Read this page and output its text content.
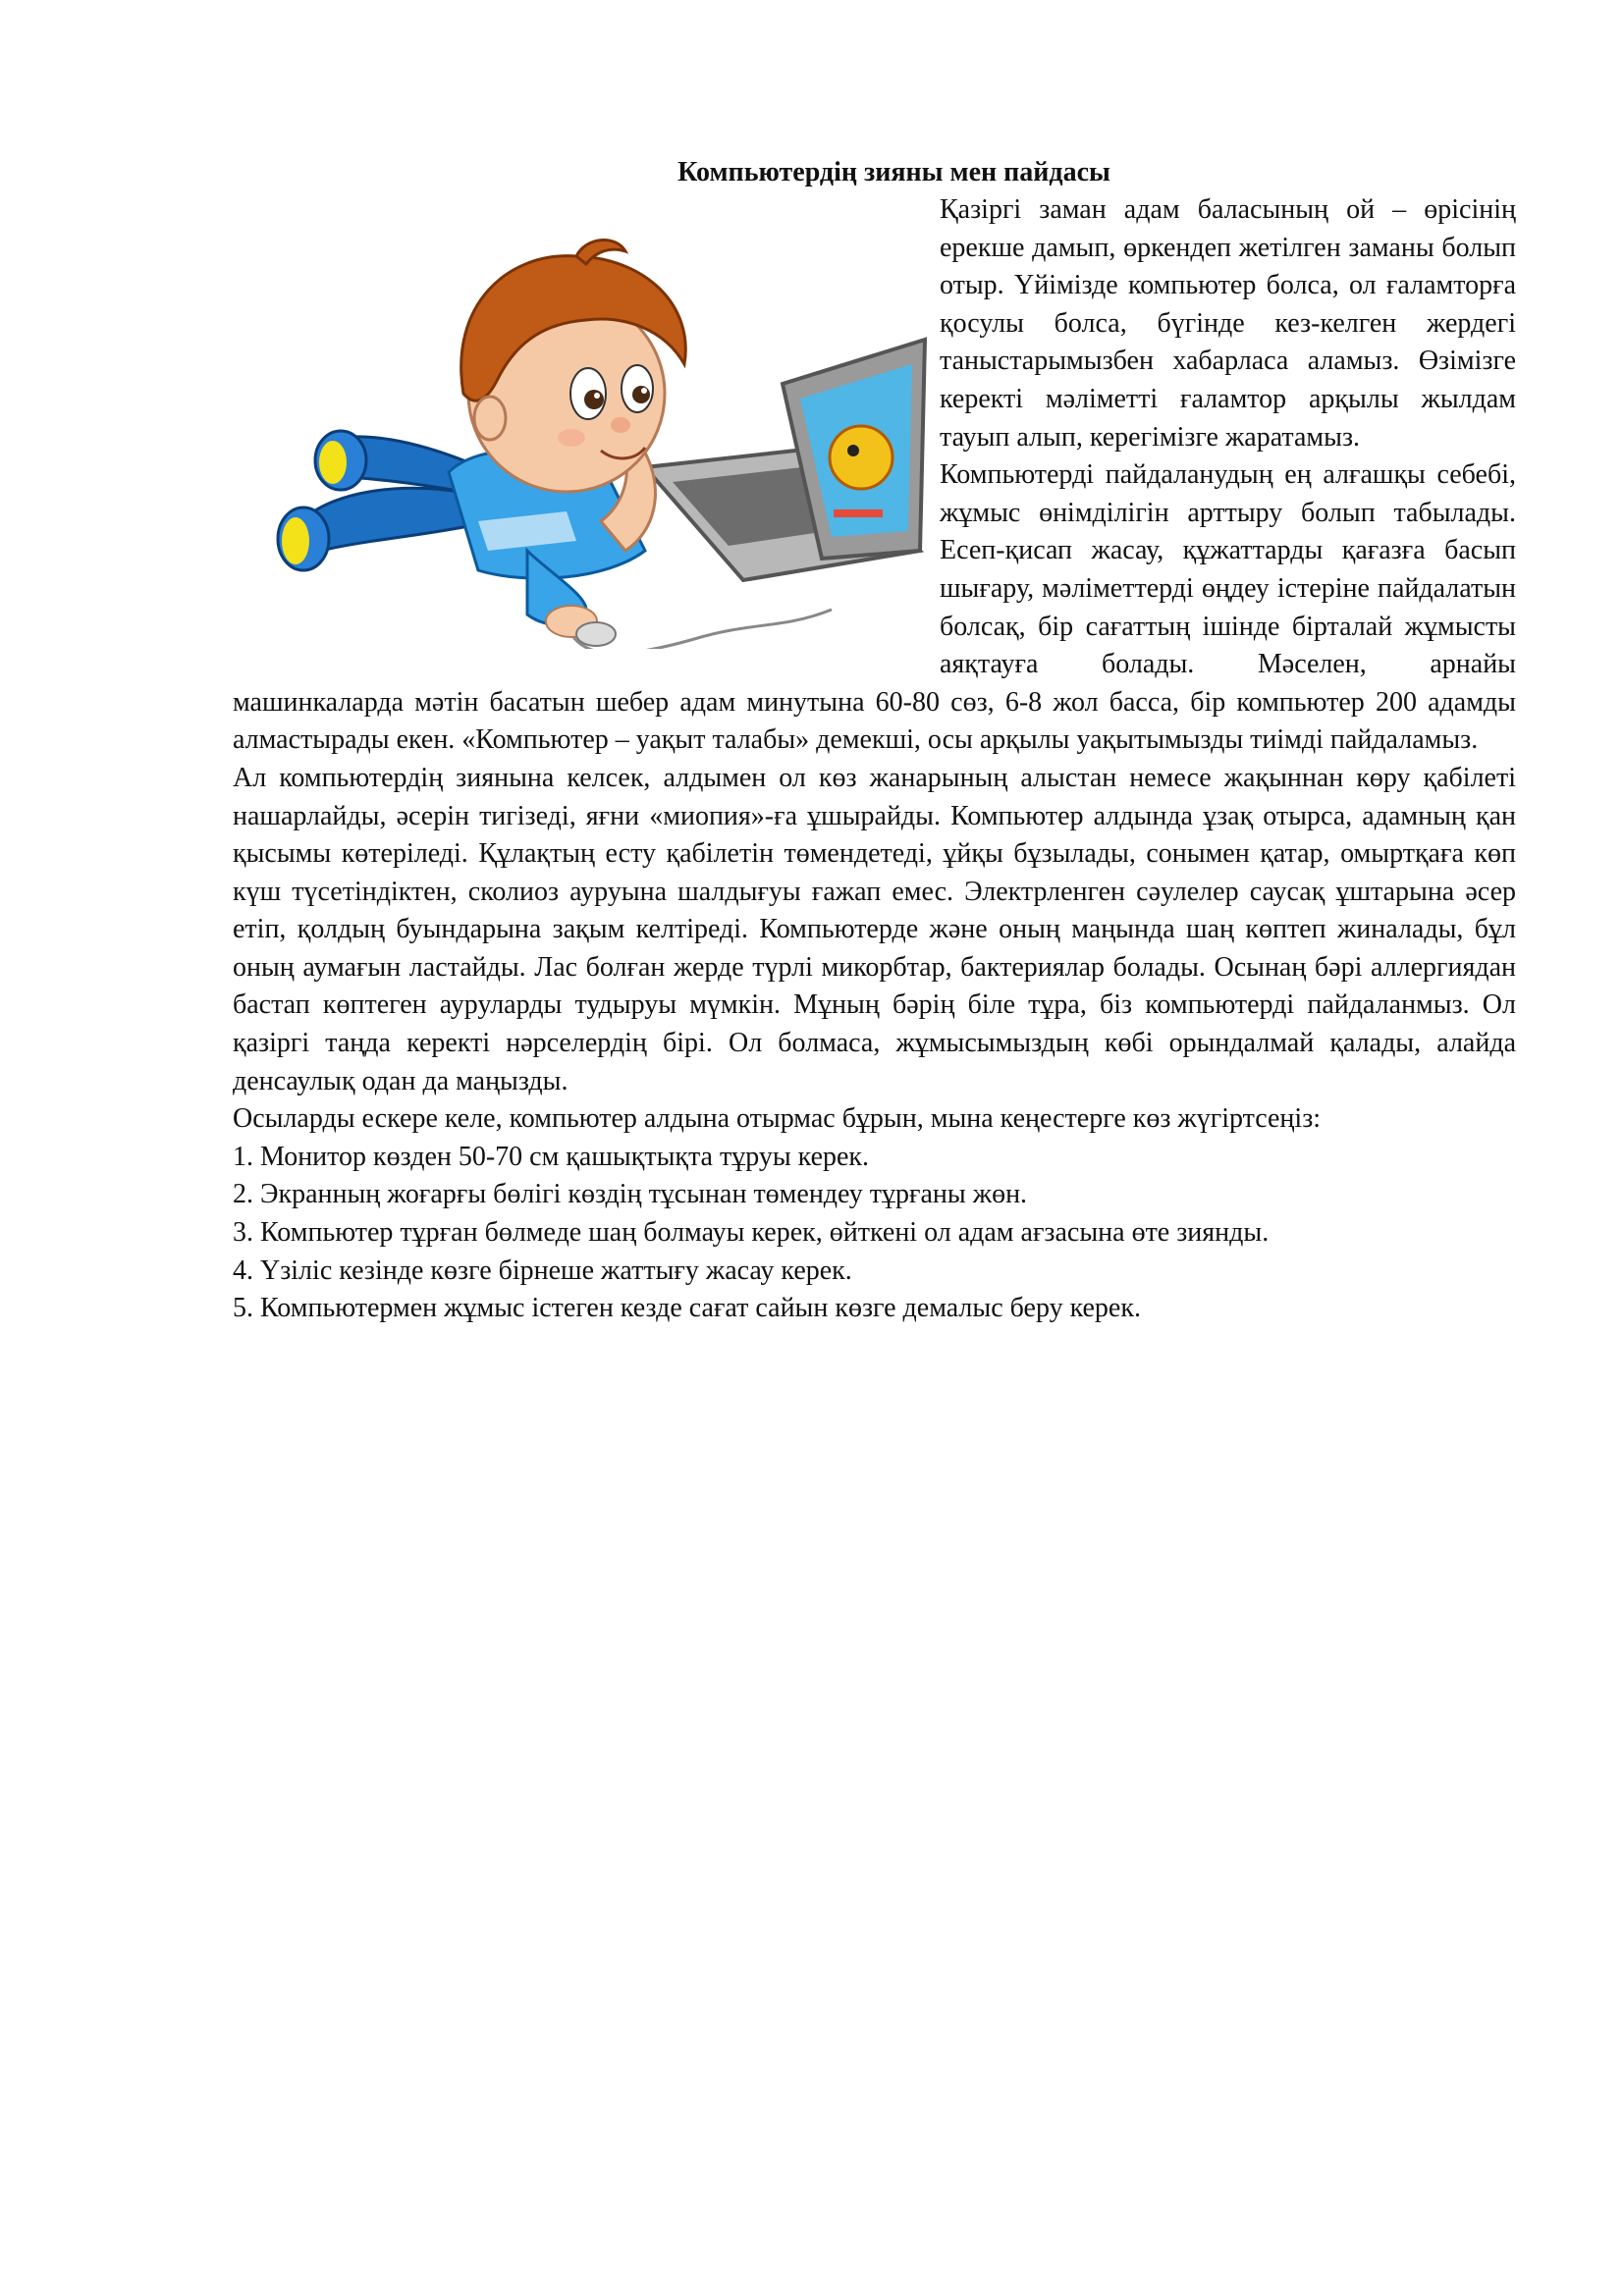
Компьютердің зияны мен пайдасы

Қазіргі заман адам баласының ой – өрісінің ерекше дамып, өркендеп жетілген заманы болып отыр. Үйімізде компьютер болса, ол ғаламторға қосулы болса, бүгінде кез-келген жердегі таныстарымызбен хабарласа аламыз. Өзімізге керекті мәліметті ғаламтор арқылы жылдам тауып алып, керегімізге жаратамыз.

Компьютерді пайдаланудың ең алғашқы себебі, жұмыс өнімділігін арттыру болып табылады. Есеп-қисап жасау, құжаттарды қағазға басып шығару, мәліметтерді өңдеу істеріне пайдалатын болсақ, бір сағаттың ішінде бірталай жұмысты аяқтауға болады. Мәселен, арнайы машинкаларда мәтін басатын шебер адам минутына 60-80 сөз, 6-8 жол басса, бір компьютер 200 адамды алмастырады екен. «Компьютер – уақыт талабы» демекші, осы арқылы уақытымызды тиімді пайдаламыз.

Ал компьютердің зиянына келсек, алдымен ол көз жанарының алыстан немесе жақыннан көру қабілеті нашарлайды, әсерін тигізеді, яғни «миопия»-ға ұшырайды. Компьютер алдында ұзақ отырса, адамның қан қысымы көтеріледі. Құлақтың есту қабілетін төмендетеді, ұйқы бұзылады, сонымен қатар, омыртқаға көп күш түсетіндіктен, сколиоз ауруына шалдығуы ғажап емес. Электрленген сәулелер саусақ ұштарына әсер етіп, қолдың буындарына зақым келтіреді. Компьютерде және оның маңында шаң көптеп жиналады, бұл оның аумағын ластайды. Лас болған жерде түрлі микорбтар, бактериялар болады. Осынаң бәрі аллергиядан бастап көптеген ауруларды тудыруы мүмкін. Мұның бәрің біле тұра, біз компьютерді пайдаланмыз. Ол қазіргі таңда керекті нәрселердің бірі. Ол болмаса, жұмысымыздың көбі орындалмай қалады, алайда денсаулық одан да маңызды.

Осыларды ескере келе, компьютер алдына отырмас бұрын, мына кеңестерге көз жүгіртсеңіз:

1. Монитор көзден 50-70 см қашықтықта тұруы керек.

2. Экранның жоғарғы бөлігі көздің тұсынан төмендеу тұрғаны жөн.

3. Компьютер тұрған бөлмеде шаң болмауы керек, өйткені ол адам ағзасына өте зиянды.

4. Үзіліс кезінде көзге бірнеше жаттығу жасау керек.

5. Компьютермен жұмыс істеген кезде сағат сайын көзге демалыс беру керек.
